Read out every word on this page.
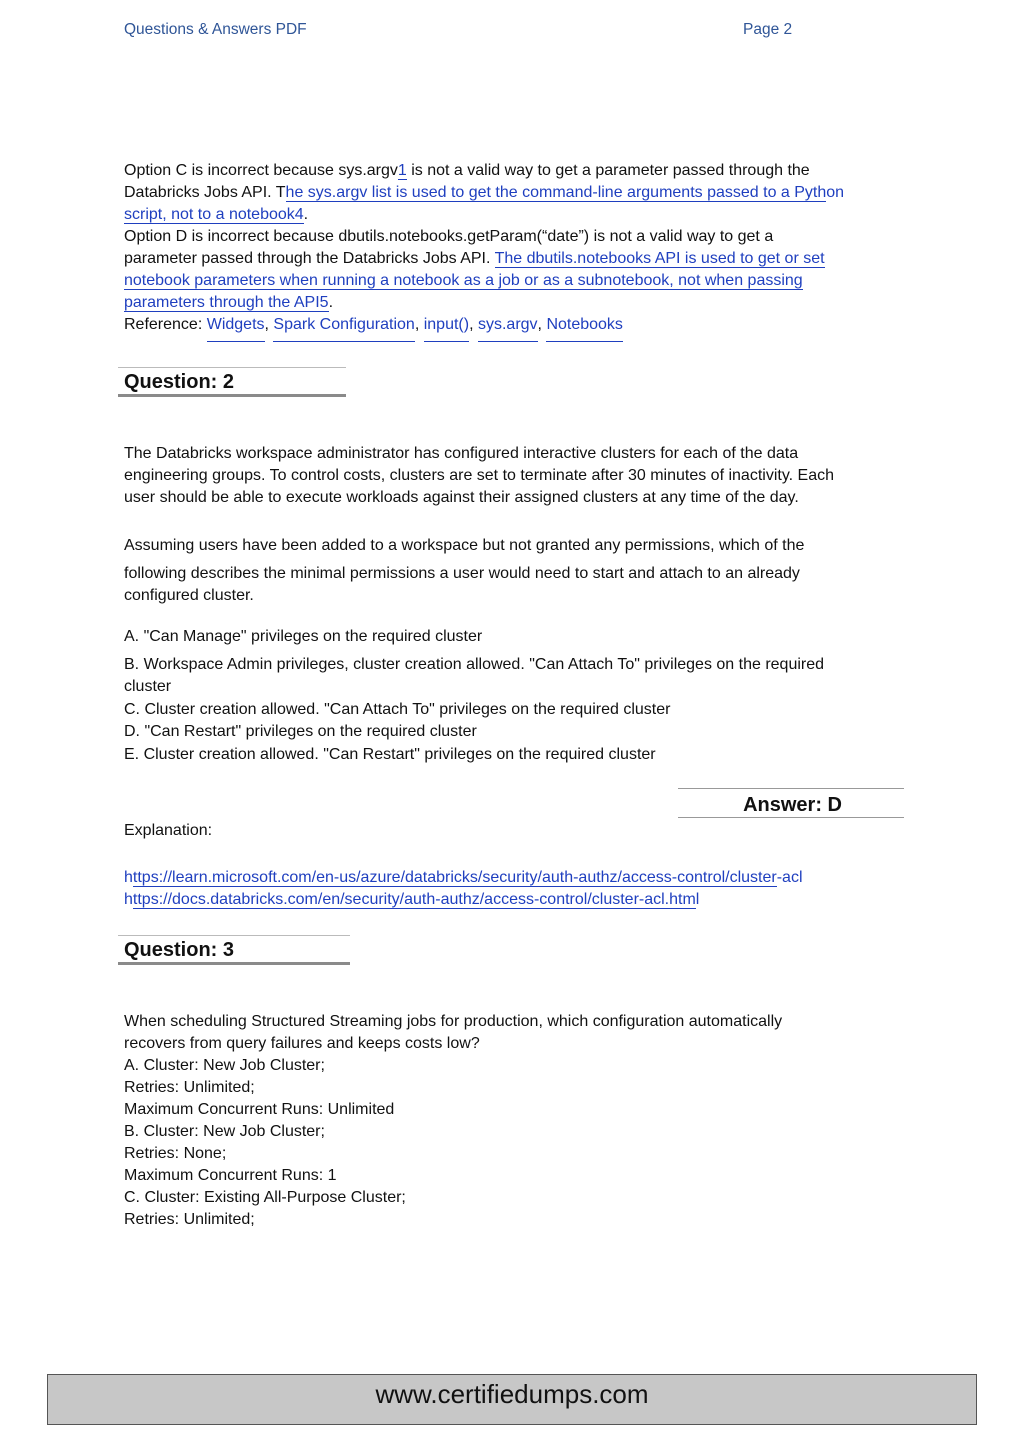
Questions & Answers PDF	Page 2
Option C is incorrect because sys.argv1 is not a valid way to get a parameter passed through the
Databricks Jobs API. The sys.argv list is used to get the command-line arguments passed to a Python
script, not to a notebook4.
Option D is incorrect because dbutils.notebooks.getParam(“date”) is not a valid way to get a
parameter passed through the Databricks Jobs API. The dbutils.notebooks API is used to get or set
notebook parameters when running a notebook as a job or as a subnotebook, not when passing
parameters through the API5.
Reference: Widgets, Spark Configuration, input(), sys.argv, Notebooks
Question: 2
The Databricks workspace administrator has configured interactive clusters for each of the data
engineering groups. To control costs, clusters are set to terminate after 30 minutes of inactivity. Each
user should be able to execute workloads against their assigned clusters at any time of the day.
Assuming users have been added to a workspace but not granted any permissions, which of the
following describes the minimal permissions a user would need to start and attach to an already
configured cluster.
A. "Can Manage" privileges on the required cluster
B. Workspace Admin privileges, cluster creation allowed. "Can Attach To" privileges on the required
cluster
C. Cluster creation allowed. "Can Attach To" privileges on the required cluster
D. "Can Restart" privileges on the required cluster
E. Cluster creation allowed. "Can Restart" privileges on the required cluster
Answer: D
Explanation:
https://learn.microsoft.com/en-us/azure/databricks/security/auth-authz/access-control/cluster-acl
https://docs.databricks.com/en/security/auth-authz/access-control/cluster-acl.html
Question: 3
When scheduling Structured Streaming jobs for production, which configuration automatically
recovers from query failures and keeps costs low?
A. Cluster: New Job Cluster;
Retries: Unlimited;
Maximum Concurrent Runs: Unlimited
B. Cluster: New Job Cluster;
Retries: None;
Maximum Concurrent Runs: 1
C. Cluster: Existing All-Purpose Cluster;
Retries: Unlimited;
www.certifiedumps.com
